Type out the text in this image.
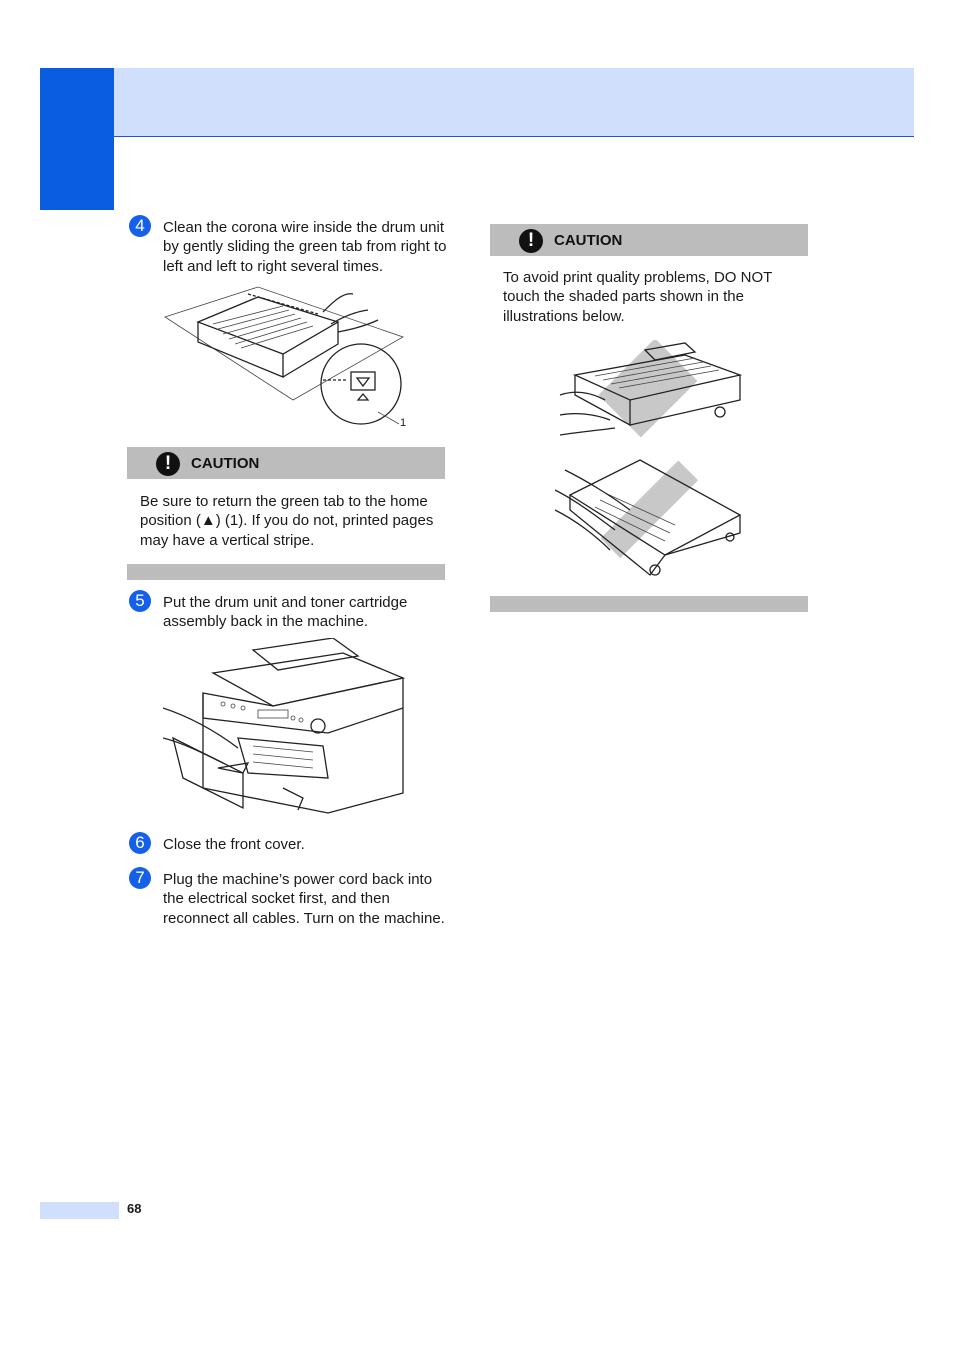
4	Clean the corona wire inside the drum unit by gently sliding the green tab from right to left and left to right several times.
1
!	CAUTION
Be sure to return the green tab to the home position (▲) (1). If you do not, printed pages may have a vertical stripe.
5	Put the drum unit and toner cartridge assembly back in the machine.
6	Close the front cover.
7	Plug the machine’s power cord back into the electrical socket first, and then reconnect all cables. Turn on the machine.
!	CAUTION
To avoid print quality problems, DO NOT touch the shaded parts shown in the illustrations below.
68
